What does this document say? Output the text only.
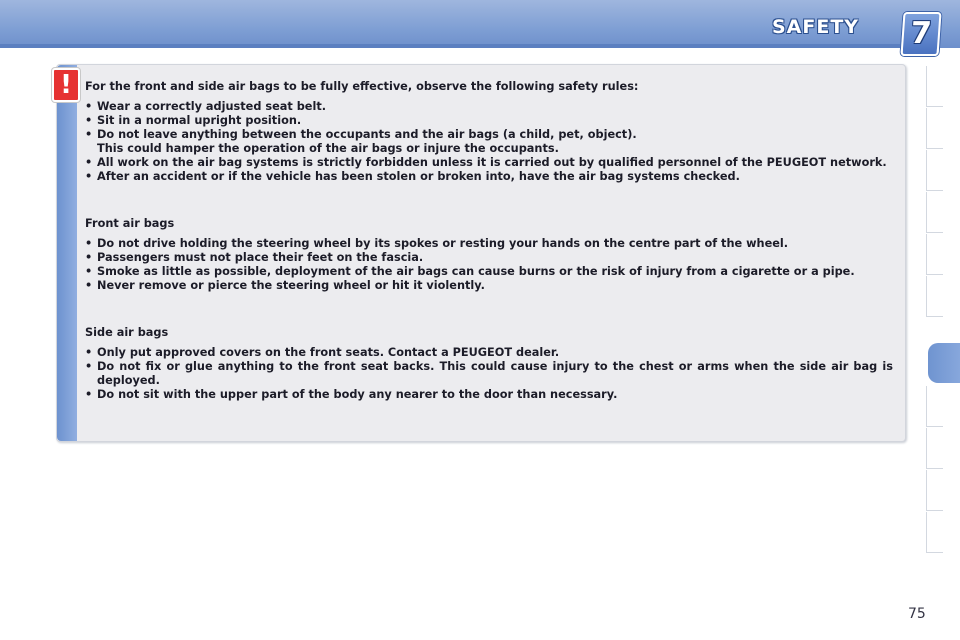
SAFETY 7
!	For the front and side air bags to be fully effective, observe the following safety rules:
• Wear a correctly adjusted seat belt.
• Sit in a normal upright position.
• Do not leave anything between the occupants and the air bags (a child, pet, object).
This could hamper the operation of the air bags or injure the occupants.
• All work on the air bag systems is strictly forbidden unless it is carried out by qualified personnel of the PEUGEOT network.
• After an accident or if the vehicle has been stolen or broken into, have the air bag systems checked.
Front air bags
• Do not drive holding the steering wheel by its spokes or resting your hands on the centre part of the wheel.
• Passengers must not place their feet on the fascia.
• Smoke as little as possible, deployment of the air bags can cause burns or the risk of injury from a cigarette or a pipe.
• Never remove or pierce the steering wheel or hit it violently.
Side air bags
• Only put approved covers on the front seats. Contact a PEUGEOT dealer.
• Do not fix or glue anything to the front seat backs. This could cause injury to the chest or arms when the side air bag is deployed.
• Do not sit with the upper part of the body any nearer to the door than necessary.
75
